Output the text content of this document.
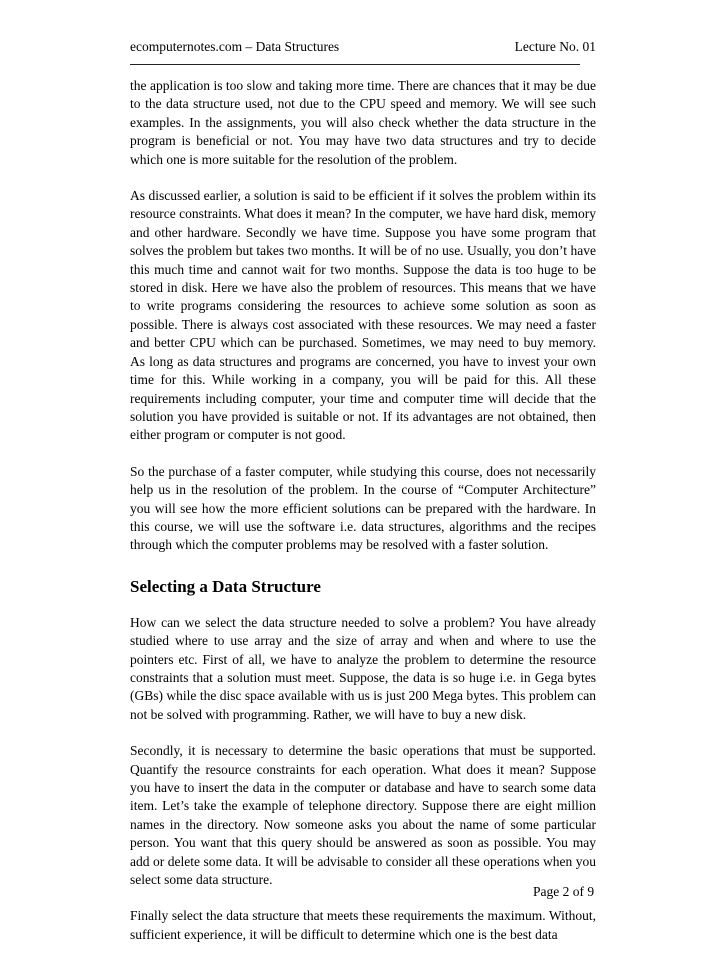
ecomputernotes.com – Data Structures	Lecture No. 01

the application is too slow and taking more time. There are chances that it may be due to the data structure used, not due to the CPU speed and memory. We will see such examples. In the assignments, you will also check whether the data structure in the program is beneficial or not. You may have two data structures and try to decide which one is more suitable for the resolution of the problem.

As discussed earlier, a solution is said to be efficient if it solves the problem within its resource constraints. What does it mean? In the computer, we have hard disk, memory and other hardware. Secondly we have time. Suppose you have some program that solves the problem but takes two months. It will be of no use. Usually, you don’t have this much time and cannot wait for two months. Suppose the data is too huge to be stored in disk. Here we have also the problem of resources. This means that we have to write programs considering the resources to achieve some solution as soon as possible. There is always cost associated with these resources. We may need a faster and better CPU which can be purchased. Sometimes, we may need to buy memory. As long as data structures and programs are concerned, you have to invest your own time for this. While working in a company, you will be paid for this. All these requirements including computer, your time and computer time will decide that the solution you have provided is suitable or not. If its advantages are not obtained, then either program or computer is not good.

So the purchase of a faster computer, while studying this course, does not necessarily help us in the resolution of the problem. In the course of “Computer Architecture” you will see how the more efficient solutions can be prepared with the hardware. In this course, we will use the software i.e. data structures, algorithms and the recipes through which the computer problems may be resolved with a faster solution.

Selecting a Data Structure

How can we select the data structure needed to solve a problem? You have already studied where to use array and the size of array and when and where to use the pointers etc. First of all, we have to analyze the problem to determine the resource constraints that a solution must meet. Suppose, the data is so huge i.e. in Gega bytes (GBs) while the disc space available with us is just 200 Mega bytes. This problem can not be solved with programming. Rather, we will have to buy a new disk.

Secondly, it is necessary to determine the basic operations that must be supported. Quantify the resource constraints for each operation. What does it mean? Suppose you have to insert the data in the computer or database and have to search some data item. Let’s take the example of telephone directory. Suppose there are eight million names in the directory. Now someone asks you about the name of some particular person. You want that this query should be answered as soon as possible. You may add or delete some data. It will be advisable to consider all these operations when you select some data structure.

Finally select the data structure that meets these requirements the maximum. Without, sufficient experience, it will be difficult to determine which one is the best data

Page 2 of 9
